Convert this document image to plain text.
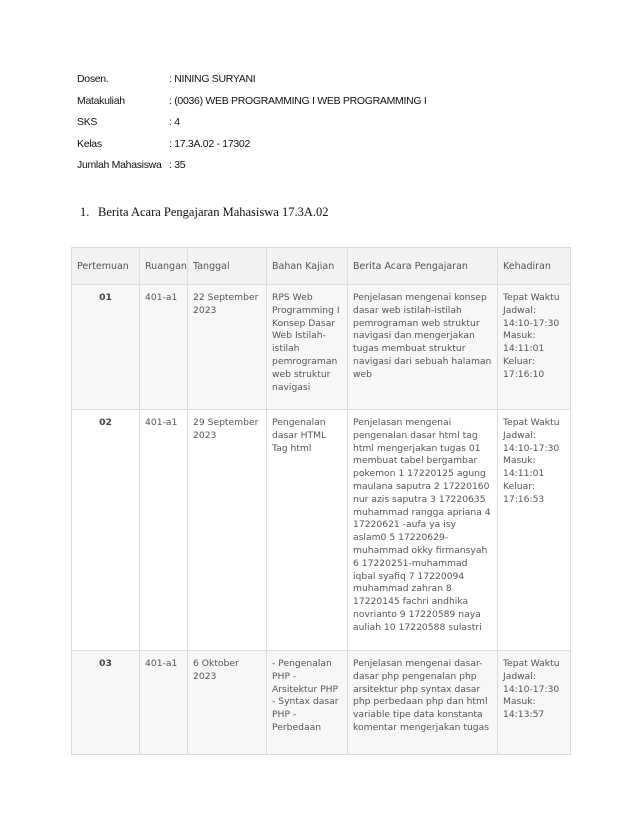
Dosen.	: NINING SURYANI
Matakuliah	: (0036) WEB PROGRAMMING I WEB PROGRAMMING I
SKS	: 4
Kelas	: 17.3A.02 - 17302
Jumlah Mahasiswa : 35
1. Berita Acara Pengajaran Mahasiswa 17.3A.02
Pertemuan	Ruangan	Tanggal	Bahan Kajian	Berita Acara Pengajaran	Kehadiran
01	401-a1	22 September 2023	RPS Web Programming I Konsep Dasar Web Istilah-istilah pemrograman web struktur navigasi	Penjelasan mengenai konsep dasar web istilah-istilah pemrograman web struktur navigasi dan mengerjakan tugas membuat struktur navigasi dari sebuah halaman web	Tepat Waktu Jadwal: 14:10-17:30 Masuk: 14:11:01 Keluar: 17:16:10
02	401-a1	29 September 2023	Pengenalan dasar HTML Tag html	Penjelasan mengenai pengenalan dasar html tag html mengerjakan tugas 01 membuat tabel bergambar pokemon 1 17220125 agung maulana saputra 2 17220160 nur azis saputra 3 17220635 muhammad rangga apriana 4 17220621 -aufa ya isy aslam0 5 17220629-muhammad okky firmansyah 6 17220251-muhammad iqbal syafiq 7 17220094 muhammad zahran 8 17220145 fachri andhika novrianto 9 17220589 naya auliah 10 17220588 sulastri	Tepat Waktu Jadwal: 14:10-17:30 Masuk: 14:11:01 Keluar: 17:16:53
03	401-a1	6 Oktober 2023	- Pengenalan PHP - Arsitektur PHP - Syntax dasar PHP - Perbedaan	Penjelasan mengenai dasar-dasar php pengenalan php arsitektur php syntax dasar php perbedaan php dan html variable tipe data konstanta komentar mengerjakan tugas	Tepat Waktu Jadwal: 14:10-17:30 Masuk: 14:13:57
